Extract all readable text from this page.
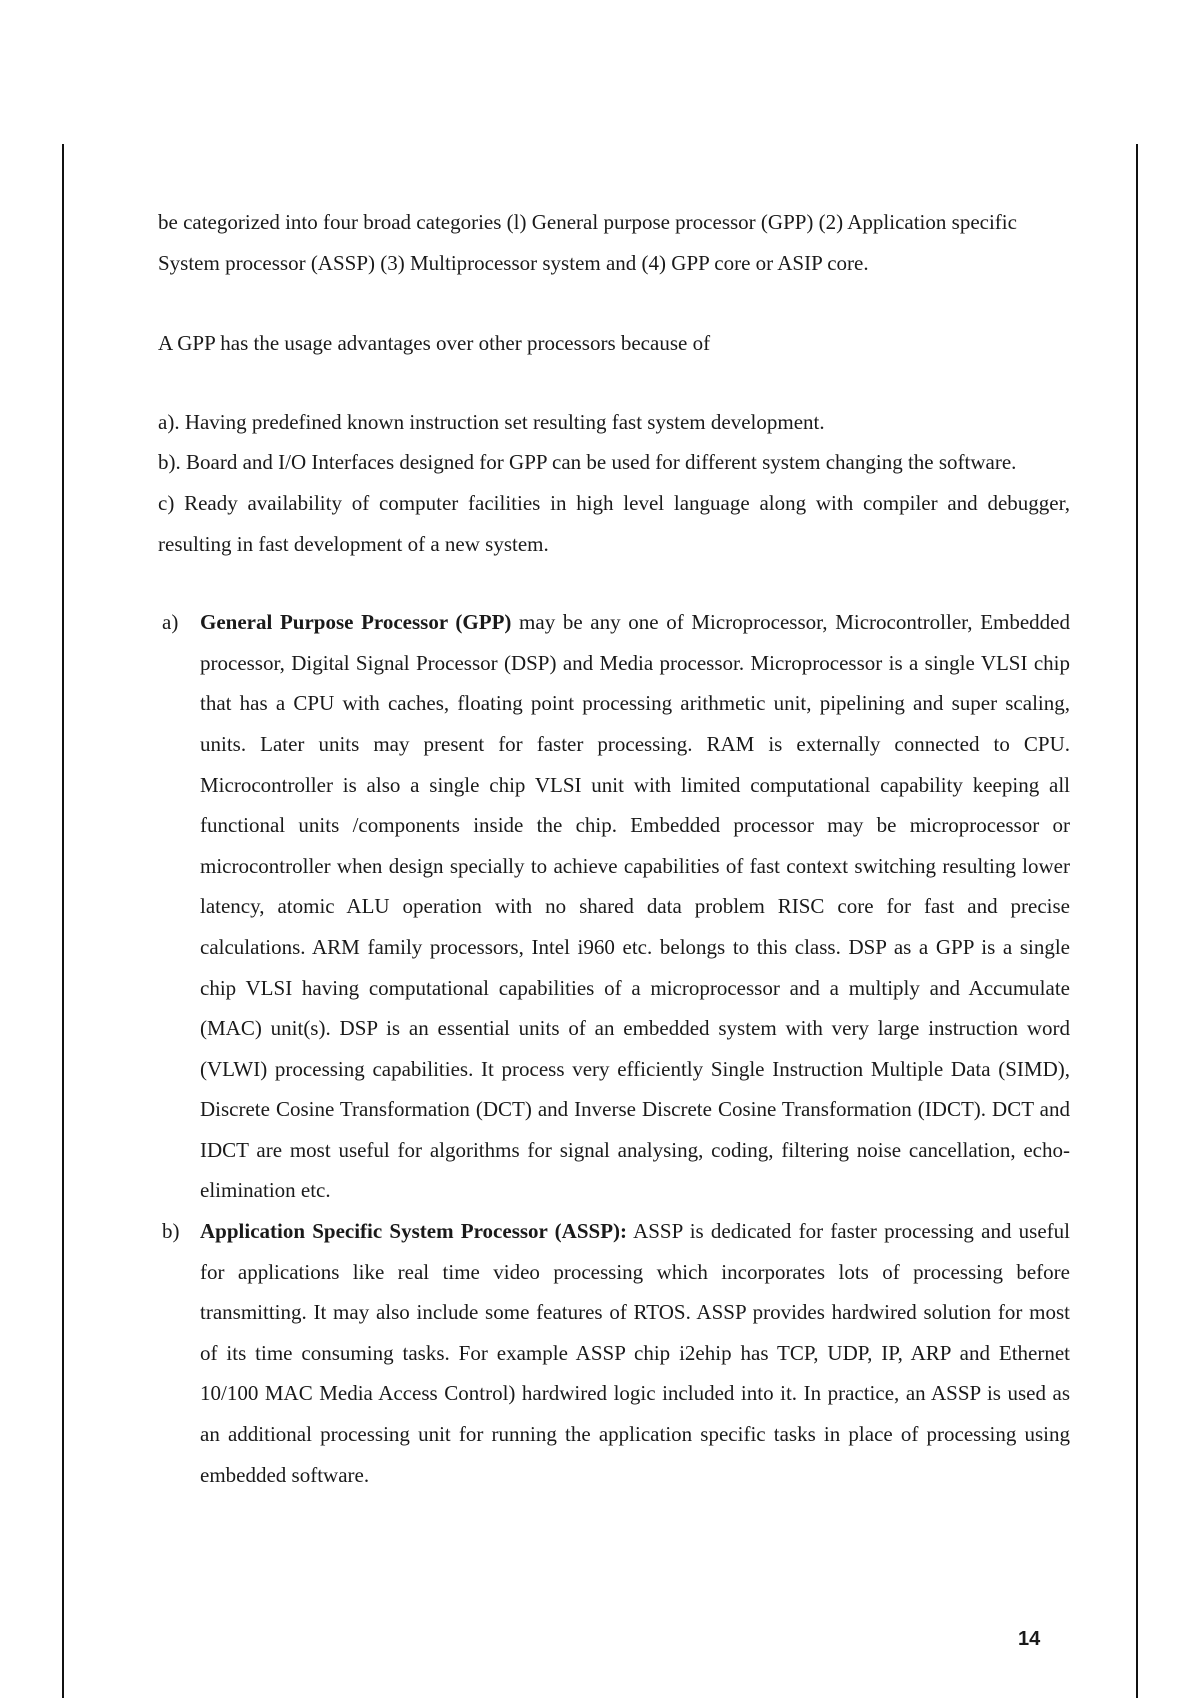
be categorized into four broad categories (l) General purpose processor (GPP) (2) Application specific System processor (ASSP) (3) Multiprocessor system and (4) GPP core or ASIP core.

A GPP has the usage advantages over other processors because of

a). Having predefined known instruction set resulting fast system development.

b). Board and I/O Interfaces designed for GPP can be used for different system changing the software.

c) Ready availability of computer facilities in high level language along with compiler and debugger, resulting in fast development of a new system.

a) General Purpose Processor (GPP) may be any one of Microprocessor, Microcontroller, Embedded processor, Digital Signal Processor (DSP) and Media processor. Microprocessor is a single VLSI chip that has a CPU with caches, floating point processing arithmetic unit, pipelining and super scaling, units. Later units may present for faster processing. RAM is externally connected to CPU. Microcontroller is also a single chip VLSI unit with limited computational capability keeping all functional units /components inside the chip. Embedded processor may be microprocessor or microcontroller when design specially to achieve capabilities of fast context switching resulting lower latency, atomic ALU operation with no shared data problem RISC core for fast and precise calculations. ARM family processors, Intel i960 etc. belongs to this class. DSP as a GPP is a single chip VLSI having computational capabilities of a microprocessor and a multiply and Accumulate (MAC) unit(s). DSP is an essential units of an embedded system with very large instruction word (VLWI) processing capabilities. It process very efficiently Single Instruction Multiple Data (SIMD), Discrete Cosine Transformation (DCT) and Inverse Discrete Cosine Transformation (IDCT). DCT and IDCT are most useful for algorithms for signal analysing, coding, filtering noise cancellation, echo-elimination etc.
b) Application Specific System Processor (ASSP): ASSP is dedicated for faster processing and useful for applications like real time video processing which incorporates lots of processing before transmitting. It may also include some features of RTOS. ASSP provides hardwired solution for most of its time consuming tasks. For example ASSP chip i2ehip has TCP, UDP, IP, ARP and Ethernet 10/100 MAC Media Access Control) hardwired logic included into it. In practice, an ASSP is used as an additional processing unit for running the application specific tasks in place of processing using embedded software.
14
